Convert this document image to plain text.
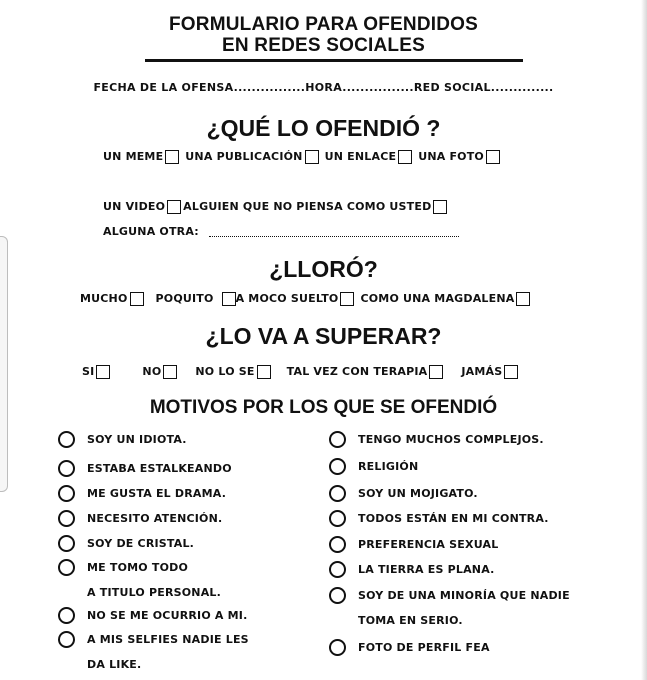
FORMULARIO PARA OFENDIDOS
EN REDES SOCIALES
FECHA DE LA OFENSA................HORA................RED SOCIAL..............
¿QUÉ LO OFENDIÓ ?
UN MEME UNA PUBLICACIÓN UN ENLACE UNA FOTO
UN VIDEO ALGUIEN QUE NO PIENSA COMO USTED
ALGUNA OTRA:
¿LLORÓ?
MUCHO	POQUITO A MOCO SUELTO COMO UNA MAGDALENA
¿LO VA A SUPERAR?
SI	NO	NO LO SE	TAL VEZ CON TERAPIA	JAMÁS
MOTIVOS POR LOS QUE SE OFENDIÓ
SOY UN IDIOTA.
ESTABA ESTALKEANDO
ME GUSTA EL DRAMA.
NECESITO ATENCIÓN.
SOY DE CRISTAL.
ME TOMO TODO
A TITULO PERSONAL.
NO SE ME OCURRIO A MI.
A MIS SELFIES NADIE LES
DA LIKE.
TENGO MUCHOS COMPLEJOS.
RELIGIÓN
SOY UN MOJIGATO.
TODOS ESTÁN EN MI CONTRA.
PREFERENCIA SEXUAL
LA TIERRA ES PLANA.
SOY DE UNA MINORÍA QUE NADIE
TOMA EN SERIO.
FOTO DE PERFIL FEA
